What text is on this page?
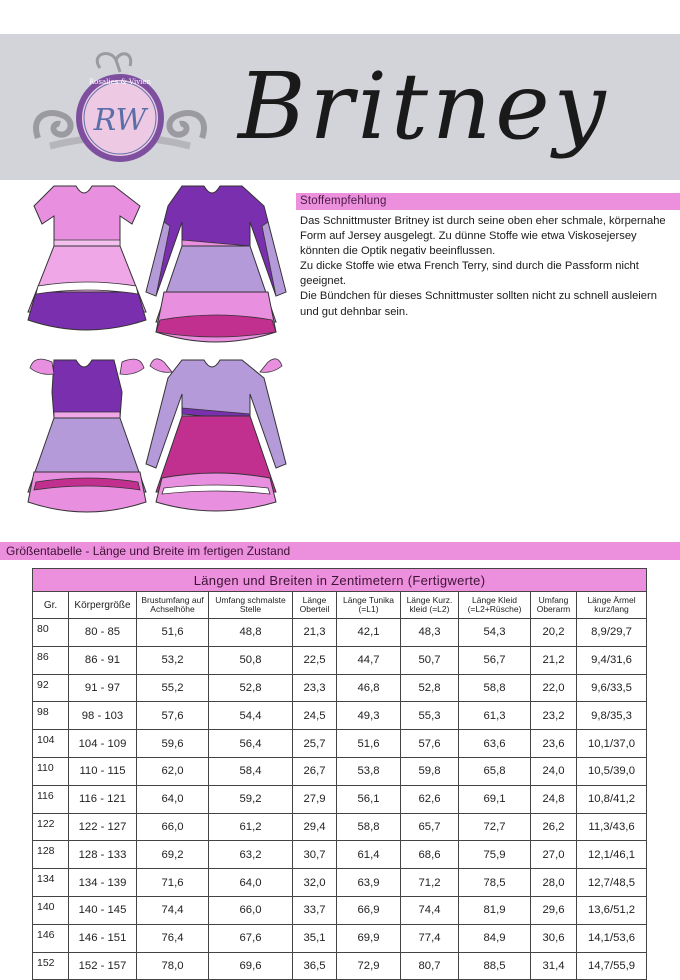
Rosalies & Vivien
RW Britney
Stoffempfehlung

Das Schnittmuster Britney ist durch seine oben eher schmale, körpernahe Form auf Jersey ausgelegt. Zu dünne Stoffe wie etwa Viskosejersey könnten die Optik negativ beeinflussen.

Zu dicke Stoffe wie etwa French Terry, sind durch die Passform nicht geeignet.

Die Bündchen für dieses Schnittmuster sollten nicht zu schnell ausleiern und gut dehnbar sein.

Größentabelle - Länge und Breite im fertigen Zustand
Längen und Breiten in Zentimetern (Fertigwerte)									
Gr.	Körpergröße	Brustumfang auf Achselhöhe	Umfang schmalste Stelle	Länge Oberteil	Länge Tunika (=L1)	Länge Kurz. kleid (=L2)	Länge Kleid (=L2+Rüsche)	Umfang Oberarm	Länge Ärmel kurz/lang
80	80 - 85	51,6	48,8	21,3	42,1	48,3	54,3	20,2	8,9/29,7
86	86 - 91	53,2	50,8	22,5	44,7	50,7	56,7	21,2	9,4/31,6
92	91 - 97	55,2	52,8	23,3	46,8	52,8	58,8	22,0	9,6/33,5
98	98 - 103	57,6	54,4	24,5	49,3	55,3	61,3	23,2	9,8/35,3
104	104 - 109	59,6	56,4	25,7	51,6	57,6	63,6	23,6	10,1/37,0
110	110 - 115	62,0	58,4	26,7	53,8	59,8	65,8	24,0	10,5/39,0
116	116 - 121	64,0	59,2	27,9	56,1	62,6	69,1	24,8	10,8/41,2
122	122 - 127	66,0	61,2	29,4	58,8	65,7	72,7	26,2	11,3/43,6
128	128 - 133	69,2	63,2	30,7	61,4	68,6	75,9	27,0	12,1/46,1
134	134 - 139	71,6	64,0	32,0	63,9	71,2	78,5	28,0	12,7/48,5
140	140 - 145	74,4	66,0	33,7	66,9	74,4	81,9	29,6	13,6/51,2
146	146 - 151	76,4	67,6	35,1	69,9	77,4	84,9	30,6	14,1/53,6
152	152 - 157	78,0	69,6	36,5	72,9	80,7	88,5	31,4	14,7/55,9
